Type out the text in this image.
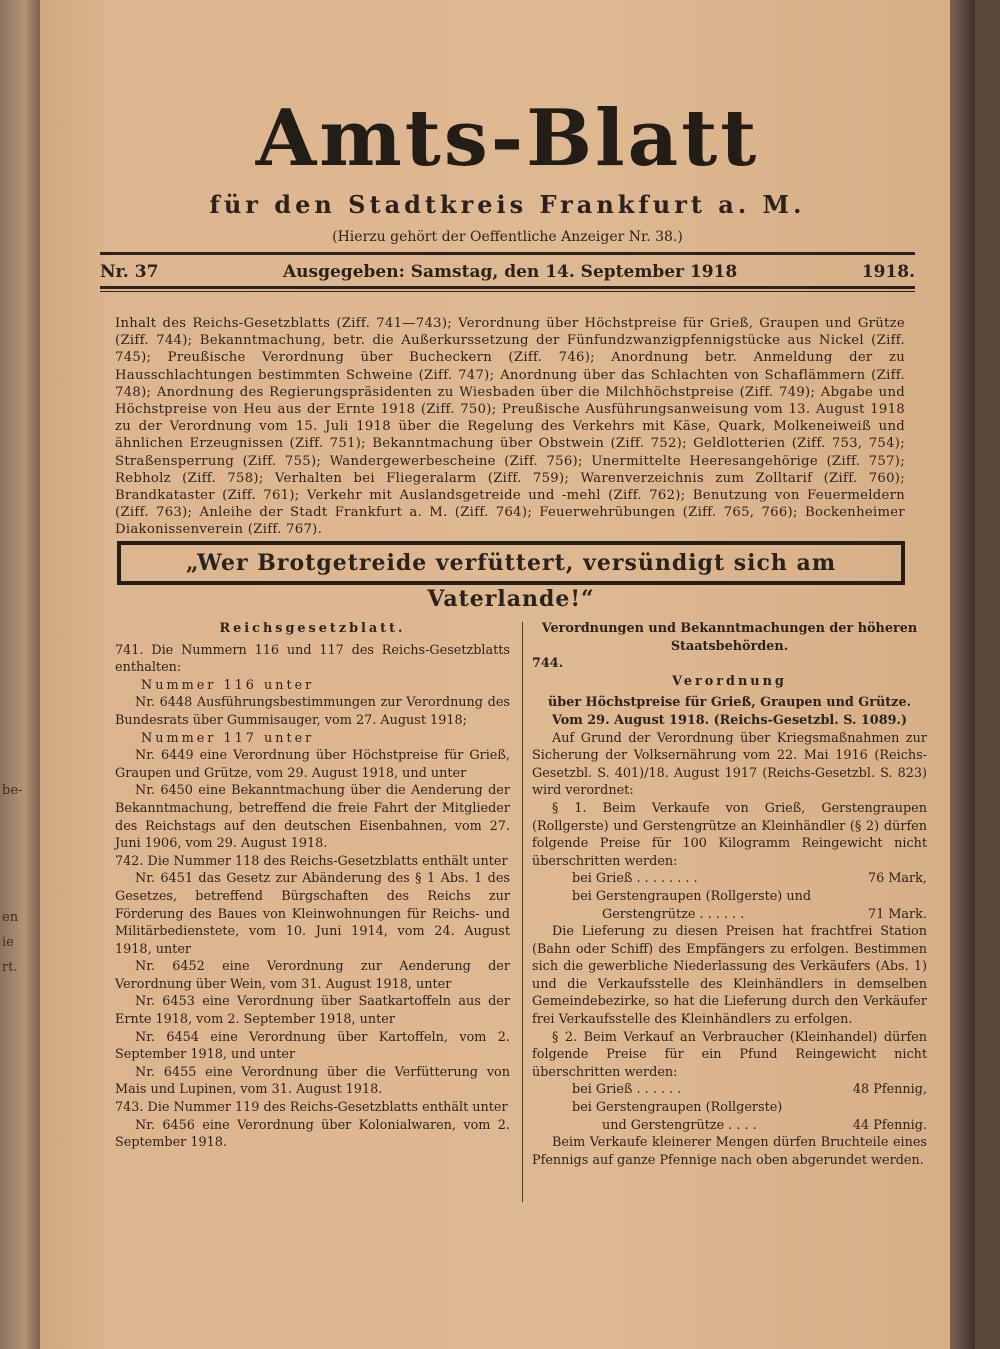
be-
en
ie
rt.
Amts-Blatt
für den Stadtkreis Frankfurt a. M.
(Hierzu gehört der Oeffentliche Anzeiger Nr. 38.)
Nr. 37	Ausgegeben: Samstag, den 14. September 1918	1918.
Inhalt des Reichs-Gesetzblatts (Ziff. 741—743); Verordnung über Höchstpreise für Grieß, Graupen und Grütze (Ziff. 744); Bekanntmachung, betr. die Außerkurssetzung der Fünfundzwanzigpfennigstücke aus Nickel (Ziff. 745); Preußische Verordnung über Bucheckern (Ziff. 746); Anordnung betr. Anmeldung der zu Hausschlachtungen bestimmten Schweine (Ziff. 747); Anordnung über das Schlachten von Schaflämmern (Ziff. 748); Anordnung des Regierungspräsidenten zu Wiesbaden über die Milchhöchstpreise (Ziff. 749); Abgabe und Höchstpreise von Heu aus der Ernte 1918 (Ziff. 750); Preußische Ausführungsanweisung vom 13. August 1918 zu der Verordnung vom 15. Juli 1918 über die Regelung des Verkehrs mit Käse, Quark, Molkeneiweiß und ähnlichen Erzeugnissen (Ziff. 751); Bekanntmachung über Obstwein (Ziff. 752); Geldlotterien (Ziff. 753, 754); Straßensperrung (Ziff. 755); Wandergewerbescheine (Ziff. 756); Unermittelte Heeresangehörige (Ziff. 757); Rebholz (Ziff. 758); Verhalten bei Fliegeralarm (Ziff. 759); Warenverzeichnis zum Zolltarif (Ziff. 760); Brandkataster (Ziff. 761); Verkehr mit Auslandsgetreide und -mehl (Ziff. 762); Benutzung von Feuermeldern (Ziff. 763); Anleihe der Stadt Frankfurt a. M. (Ziff. 764); Feuerwehrübungen (Ziff. 765, 766); Bockenheimer Diakonissenverein (Ziff. 767).
„Wer Brotgetreide verfüttert, versündigt sich am Vaterlande!“
Reichsgesetzblatt.

741. Die Nummern 116 und 117 des Reichs-Gesetzblatts enthalten:

Nummer 116 unter

Nr. 6448 Ausführungsbestimmungen zur Verordnung des Bundesrats über Gummisauger, vom 27. August 1918;

Nummer 117 unter

Nr. 6449 eine Verordnung über Höchstpreise für Grieß, Graupen und Grütze, vom 29. August 1918, und unter

Nr. 6450 eine Bekanntmachung über die Aenderung der Bekanntmachung, betreffend die freie Fahrt der Mitglieder des Reichstags auf den deutschen Eisenbahnen, vom 27. Juni 1906, vom 29. August 1918.

742. Die Nummer 118 des Reichs-Gesetzblatts enthält unter

Nr. 6451 das Gesetz zur Abänderung des § 1 Abs. 1 des Gesetzes, betreffend Bürgschaften des Reichs zur Förderung des Baues von Kleinwohnungen für Reichs- und Militärbedienstete, vom 10. Juni 1914, vom 24. August 1918, unter

Nr. 6452 eine Verordnung zur Aenderung der Verordnung über Wein, vom 31. August 1918, unter

Nr. 6453 eine Verordnung über Saatkartoffeln aus der Ernte 1918, vom 2. September 1918, unter

Nr. 6454 eine Verordnung über Kartoffeln, vom 2. September 1918, und unter

Nr. 6455 eine Verordnung über die Verfütterung von Mais und Lupinen, vom 31. August 1918.

743. Die Nummer 119 des Reichs-Gesetzblatts enthält unter

Nr. 6456 eine Verordnung über Kolonialwaren, vom 2. September 1918.

Verordnungen und Bekanntmachungen der höheren Staatsbehörden.

744.

Verordnung

über Höchstpreise für Grieß, Graupen und Grütze. Vom 29. August 1918. (Reichs-Gesetzbl. S. 1089.)

Auf Grund der Verordnung über Kriegsmaßnahmen zur Sicherung der Volksernährung vom 22. Mai 1916 (Reichs-Gesetzbl. S. 401)/18. August 1917 (Reichs-Gesetzbl. S. 823) wird verordnet:

§ 1. Beim Verkaufe von Grieß, Gerstengraupen (Rollgerste) und Gerstengrütze an Kleinhändler (§ 2) dürfen folgende Preise für 100 Kilogramm Reingewicht nicht überschritten werden:

bei Grieß . . . . . . . .	76 Mark,
bei Gerstengraupen (Rollgerste) und
Gerstengrütze . . . . . .	71 Mark.

Die Lieferung zu diesen Preisen hat frachtfrei Station (Bahn oder Schiff) des Empfängers zu erfolgen. Bestimmen sich die gewerbliche Niederlassung des Verkäufers (Abs. 1) und die Verkaufsstelle des Kleinhändlers in demselben Gemeindebezirke, so hat die Lieferung durch den Verkäufer frei Verkaufsstelle des Kleinhändlers zu erfolgen.

§ 2. Beim Verkauf an Verbraucher (Kleinhandel) dürfen folgende Preise für ein Pfund Reingewicht nicht überschritten werden:

bei Grieß . . . . . .	48 Pfennig,
bei Gerstengraupen (Rollgerste)
und Gerstengrütze . . . .	44 Pfennig.

Beim Verkaufe kleinerer Mengen dürfen Bruchteile eines Pfennigs auf ganze Pfennige nach oben abgerundet werden.
